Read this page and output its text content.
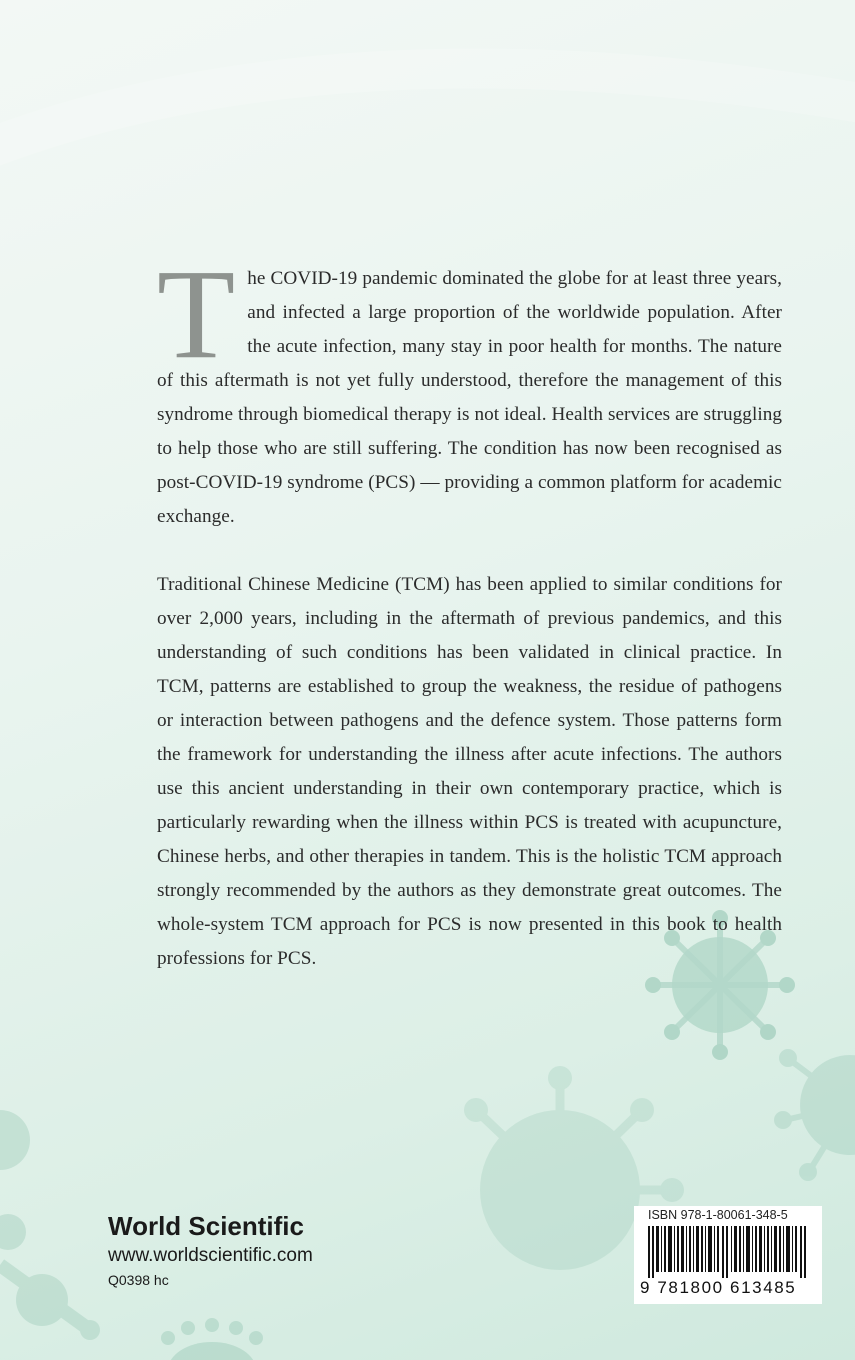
The COVID-19 pandemic dominated the globe for at least three years, and infected a large proportion of the worldwide population. After the acute infection, many stay in poor health for months. The nature of this aftermath is not yet fully understood, therefore the management of this syndrome through biomedical therapy is not ideal. Health services are struggling to help those who are still suffering. The condition has now been recognised as post-COVID-19 syndrome (PCS) — providing a common platform for academic exchange.

Traditional Chinese Medicine (TCM) has been applied to similar conditions for over 2,000 years, including in the aftermath of previous pandemics, and this understanding of such conditions has been validated in clinical practice. In TCM, patterns are established to group the weakness, the residue of pathogens or interaction between pathogens and the defence system. Those patterns form the framework for understanding the illness after acute infections. The authors use this ancient understanding in their own contemporary practice, which is particularly rewarding when the illness within PCS is treated with acupuncture, Chinese herbs, and other therapies in tandem. This is the holistic TCM approach strongly recommended by the authors as they demonstrate great outcomes. The whole-system TCM approach for PCS is now presented in this book to health professions for PCS.

World Scientific
www.worldscientific.com
Q0398 hc
ISBN 978-1-80061-348-5
9 781800 613485
